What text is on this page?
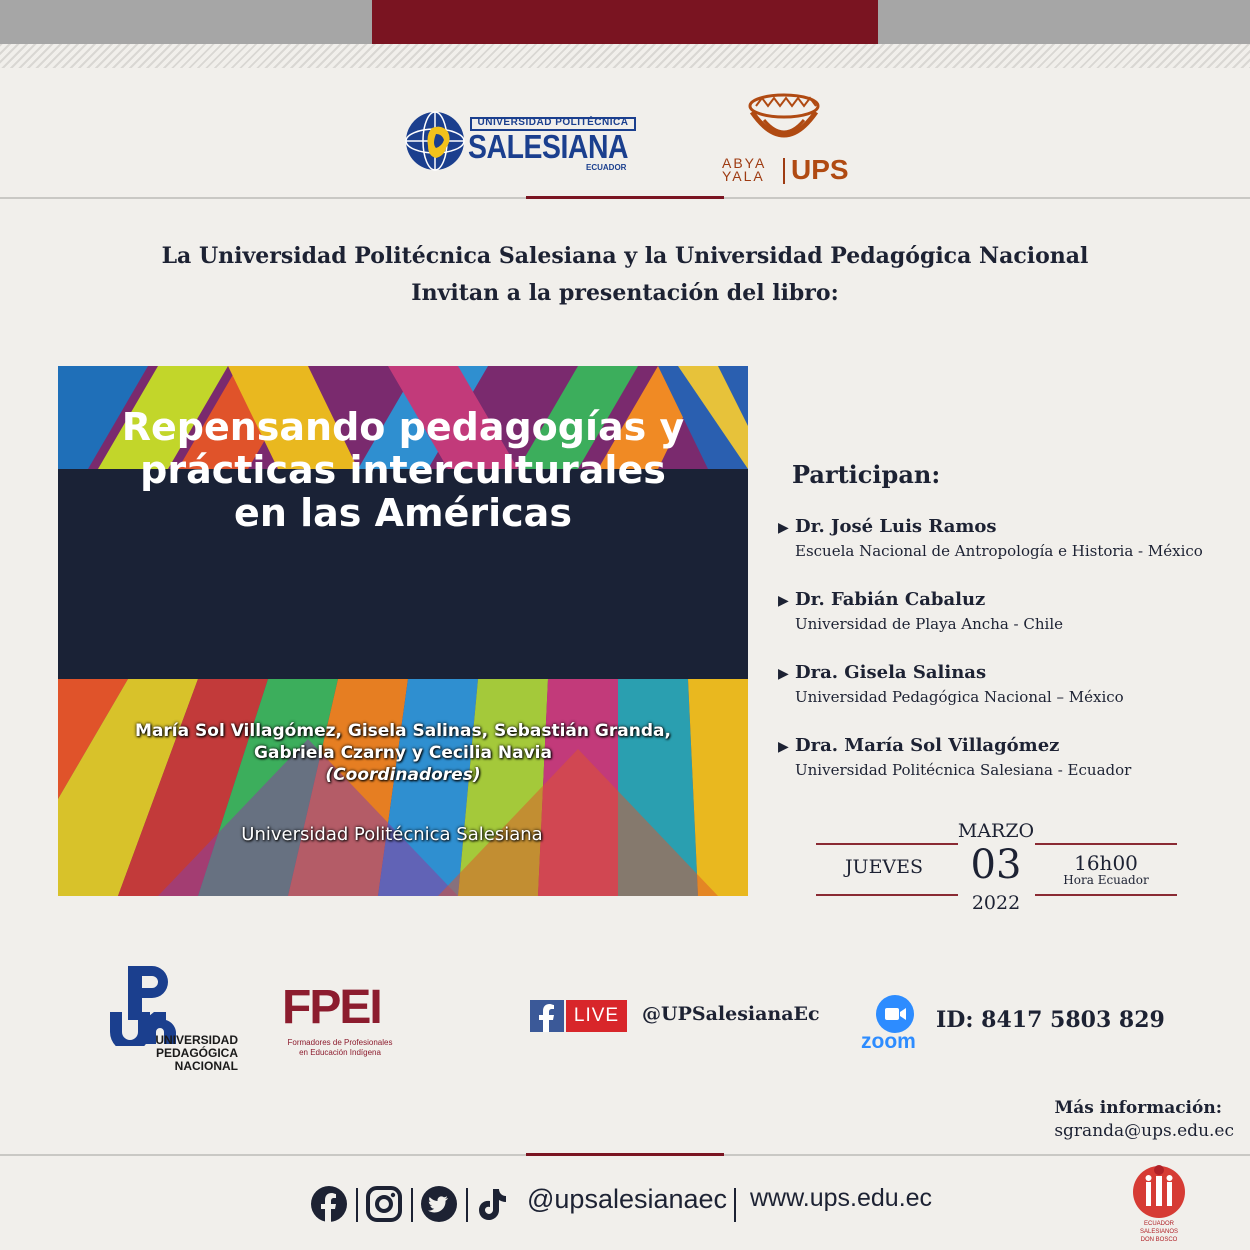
UNIVERSIDAD POLITÉCNICA
SALESIANA
ECUADOR	ABYA
YALA UPS
La Universidad Politécnica Salesiana y la Universidad Pedagógica Nacional
Invitan a la presentación del libro:
Repensando pedagogías y
prácticas interculturales
en las Américas
María Sol Villagómez, Gisela Salinas, Sebastián Granda,
Gabriela Czarny y Cecilia Navia
(Coordinadores)
Universidad Politécnica Salesiana
Participan:
▶ Dr. José Luis Ramos
Escuela Nacional de Antropología e Historia - México
▶ Dr. Fabián Cabaluz
Universidad de Playa Ancha - Chile
▶ Dra. Gisela Salinas
Universidad Pedagógica Nacional – México
▶ Dra. María Sol Villagómez
Universidad Politécnica Salesiana - Ecuador
MARZO
JUEVES	03	16h00
Hora Ecuador
2022
UNIVERSIDAD
PEDAGÓGICA
NACIONAL
FPEI
Formadores de Profesionales
en Educación Indígena
LIVE	@UPSalesianaEc
zoom
ID: 8417 5803 829
Más información:
sgranda@ups.edu.ec
@upsalesianaec www.ups.edu.ec
ECUADOR
SALESIANOS
DON BOSCO
